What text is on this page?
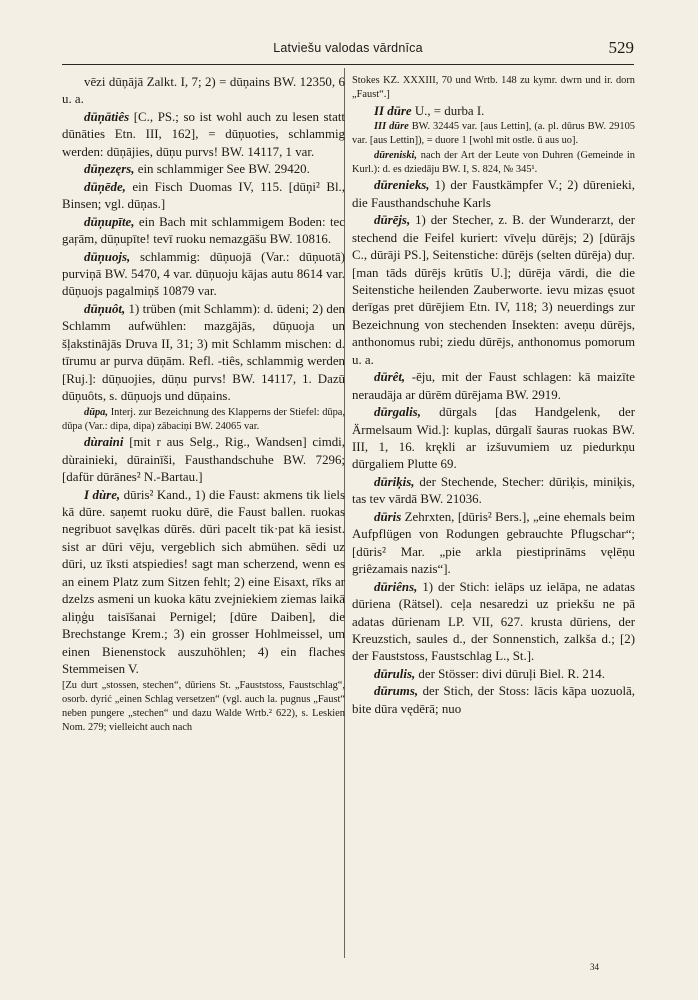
Latviešu valodas vārdnīca	529

vēzi dūņājā Zalkt. I, 7; 2) = dūņains BW. 12350, 6 u. a.

dūņātiês [C., PS.; so ist wohl auch zu lesen statt dūnāties Etn. III, 162], = dūņuoties, schlammig werden: dūņājies, dūņu purvs! BW. 14117, 1 var.

dūņezęrs, ein schlammiger See BW. 29420.

dūņēde, ein Fisch Duomas IV, 115. [dūņi² Bl., Binsen; vgl. dūņas.]

dūņupīte, ein Bach mit schlammigem Boden: tec gaŗām, dūņupīte! tevī ruoku nemazgāšu BW. 10816.

dūņuojs, schlammig: dūņuojā (Var.: dūņuotā) purviņā BW. 5470, 4 var. dūņuoju kājas autu 8614 var. dūņuojs pagalmiņš 10879 var.

dūņuôt, 1) trüben (mit Schlamm): d. ūdeni; 2) den Schlamm aufwühlen: mazgājās, dūņuoja un šļakstinājās Druva II, 31; 3) mit Schlamm mischen: d. tīrumu ar purva dūņām. Refl. -tiês, schlammig werden [Ruj.]: dūņuojies, dūņu purvs! BW. 14117, 1. Dazū dūņuôts, s. dūņuojs und dūņains.

dūpa, Interj. zur Bezeichnung des Klapperns der Stiefel: dūpa, dūpa (Var.: dipa, dipa) zābaciņi BW. 24065 var.

dùraini [mit r aus Selg., Rig., Wandsen] cimdi, dùrainieki, dūrainīši, Fausthandschuhe BW. 7296; [dafür dūrānes² N.-Bartau.]

I dùre, dūris² Kand., 1) die Faust: akmens tik liels kā dūre. saņemt ruoku dūrē, die Faust ballen. ruokas negribuot savęlkas dūrēs. dūri pacelt tik·pat kā iesist. sist ar dūri vēju, vergeblich sich abmühen. sēdi uz dūri, uz īksti atspiedies! sagt man scherzend, wenn es an einem Platz zum Sitzen fehlt; 2) eine Eisaxt, rīks ar dzelzs asmeni un kuoka kātu zvejniekiem ziemas laikā aliņģu taisīšanai Pernigel; [dūre Daiben], die Brechstange Krem.; 3) ein grosser Hohlmeissel, um einen Bienenstock auszuhöhlen; 4) ein flaches Stemmeisen V.

[Zu durt „stossen, stechen“, dūriens St. „Fauststoss, Faustschlag“, osorb. dyrić „einen Schlag versetzen“ (vgl. auch la. pugnus „Faust“ neben pungere „stechen“ und dazu Walde Wrtb.² 622), s. Leskien Nom. 279; vielleicht auch nach

Stokes KZ. XXXIII, 70 und Wrtb. 148 zu kymr. dwrn und ir. dorn „Faust“.]

II dūre U., = durba I.

III dūre BW. 32445 var. [aus Lettin], (a. pl. dūrus BW. 29105 var. [aus Lettin]), = duore 1 [wohl mit ostle. ū aus uo].

dūreniski, nach der Art der Leute von Duhren (Gemeinde in Kurl.): d. es dziedāju BW. I, S. 824, № 345¹.

dūrenieks, 1) der Faustkämpfer V.; 2) dūrenieki, die Fausthandschuhe Karls

dūrējs, 1) der Stecher, z. B. der Wunderarzt, der stechend die Feifel kuriert: vīveļu dūrējs; 2) [dūrājs C., dūrāji PS.], Seitenstiche: dūrējs (selten dūrēja) duŗ. [man tāds dūrējs krūtīs U.]; dūrēja vārdi, die die Seitenstiche heilenden Zauberworte. ievu mizas ęsuot derīgas pret dūrējiem Etn. IV, 118; 3) neuerdings zur Bezeichnung von stechenden Insekten: aveņu dūrējs, anthonomus rubi; ziedu dūrējs, anthonomus pomorum u. a.

dūrêt, -ēju, mit der Faust schlagen: kā maizīte neraudāja ar dūrēm dūrējama BW. 2919.

dūrgalis, dūrgals [das Handgelenk, der Ärmelsaum Wid.]: kuplas, dūrgalī šauras ruokas BW. III, 1, 16. krękli ar izšuvumiem uz piedurkņu dūrgaliem Plutte 69.

dūriķis, der Stechende, Stecher: dūriķis, miniķis, tas tev vārdā BW. 21036.

dūris Zehrxten, [dūris² Bers.], „eine ehemals beim Aufpflügen von Rodungen gebrauchte Pflugschar“; [dūris² Mar. „pie arkla piestiprināms vęlēņu griêzamais nazis“].

dūriêns, 1) der Stich: ielāps uz ielāpa, ne adatas dūriena (Rätsel). ceļa nesaredzi uz priekšu ne pā adatas dūrienam LP. VII, 627. krusta dūriens, der Kreuzstich, saules d., der Sonnenstich, zalkša d.; [2) der Fauststoss, Faustschlag L., St.].

dūrulis, der Stösser: divi dūruļi Biel. R. 214.

dūrums, der Stich, der Stoss: lācis kāpa uozuolā, bite dūra vędērā; nuo

34
